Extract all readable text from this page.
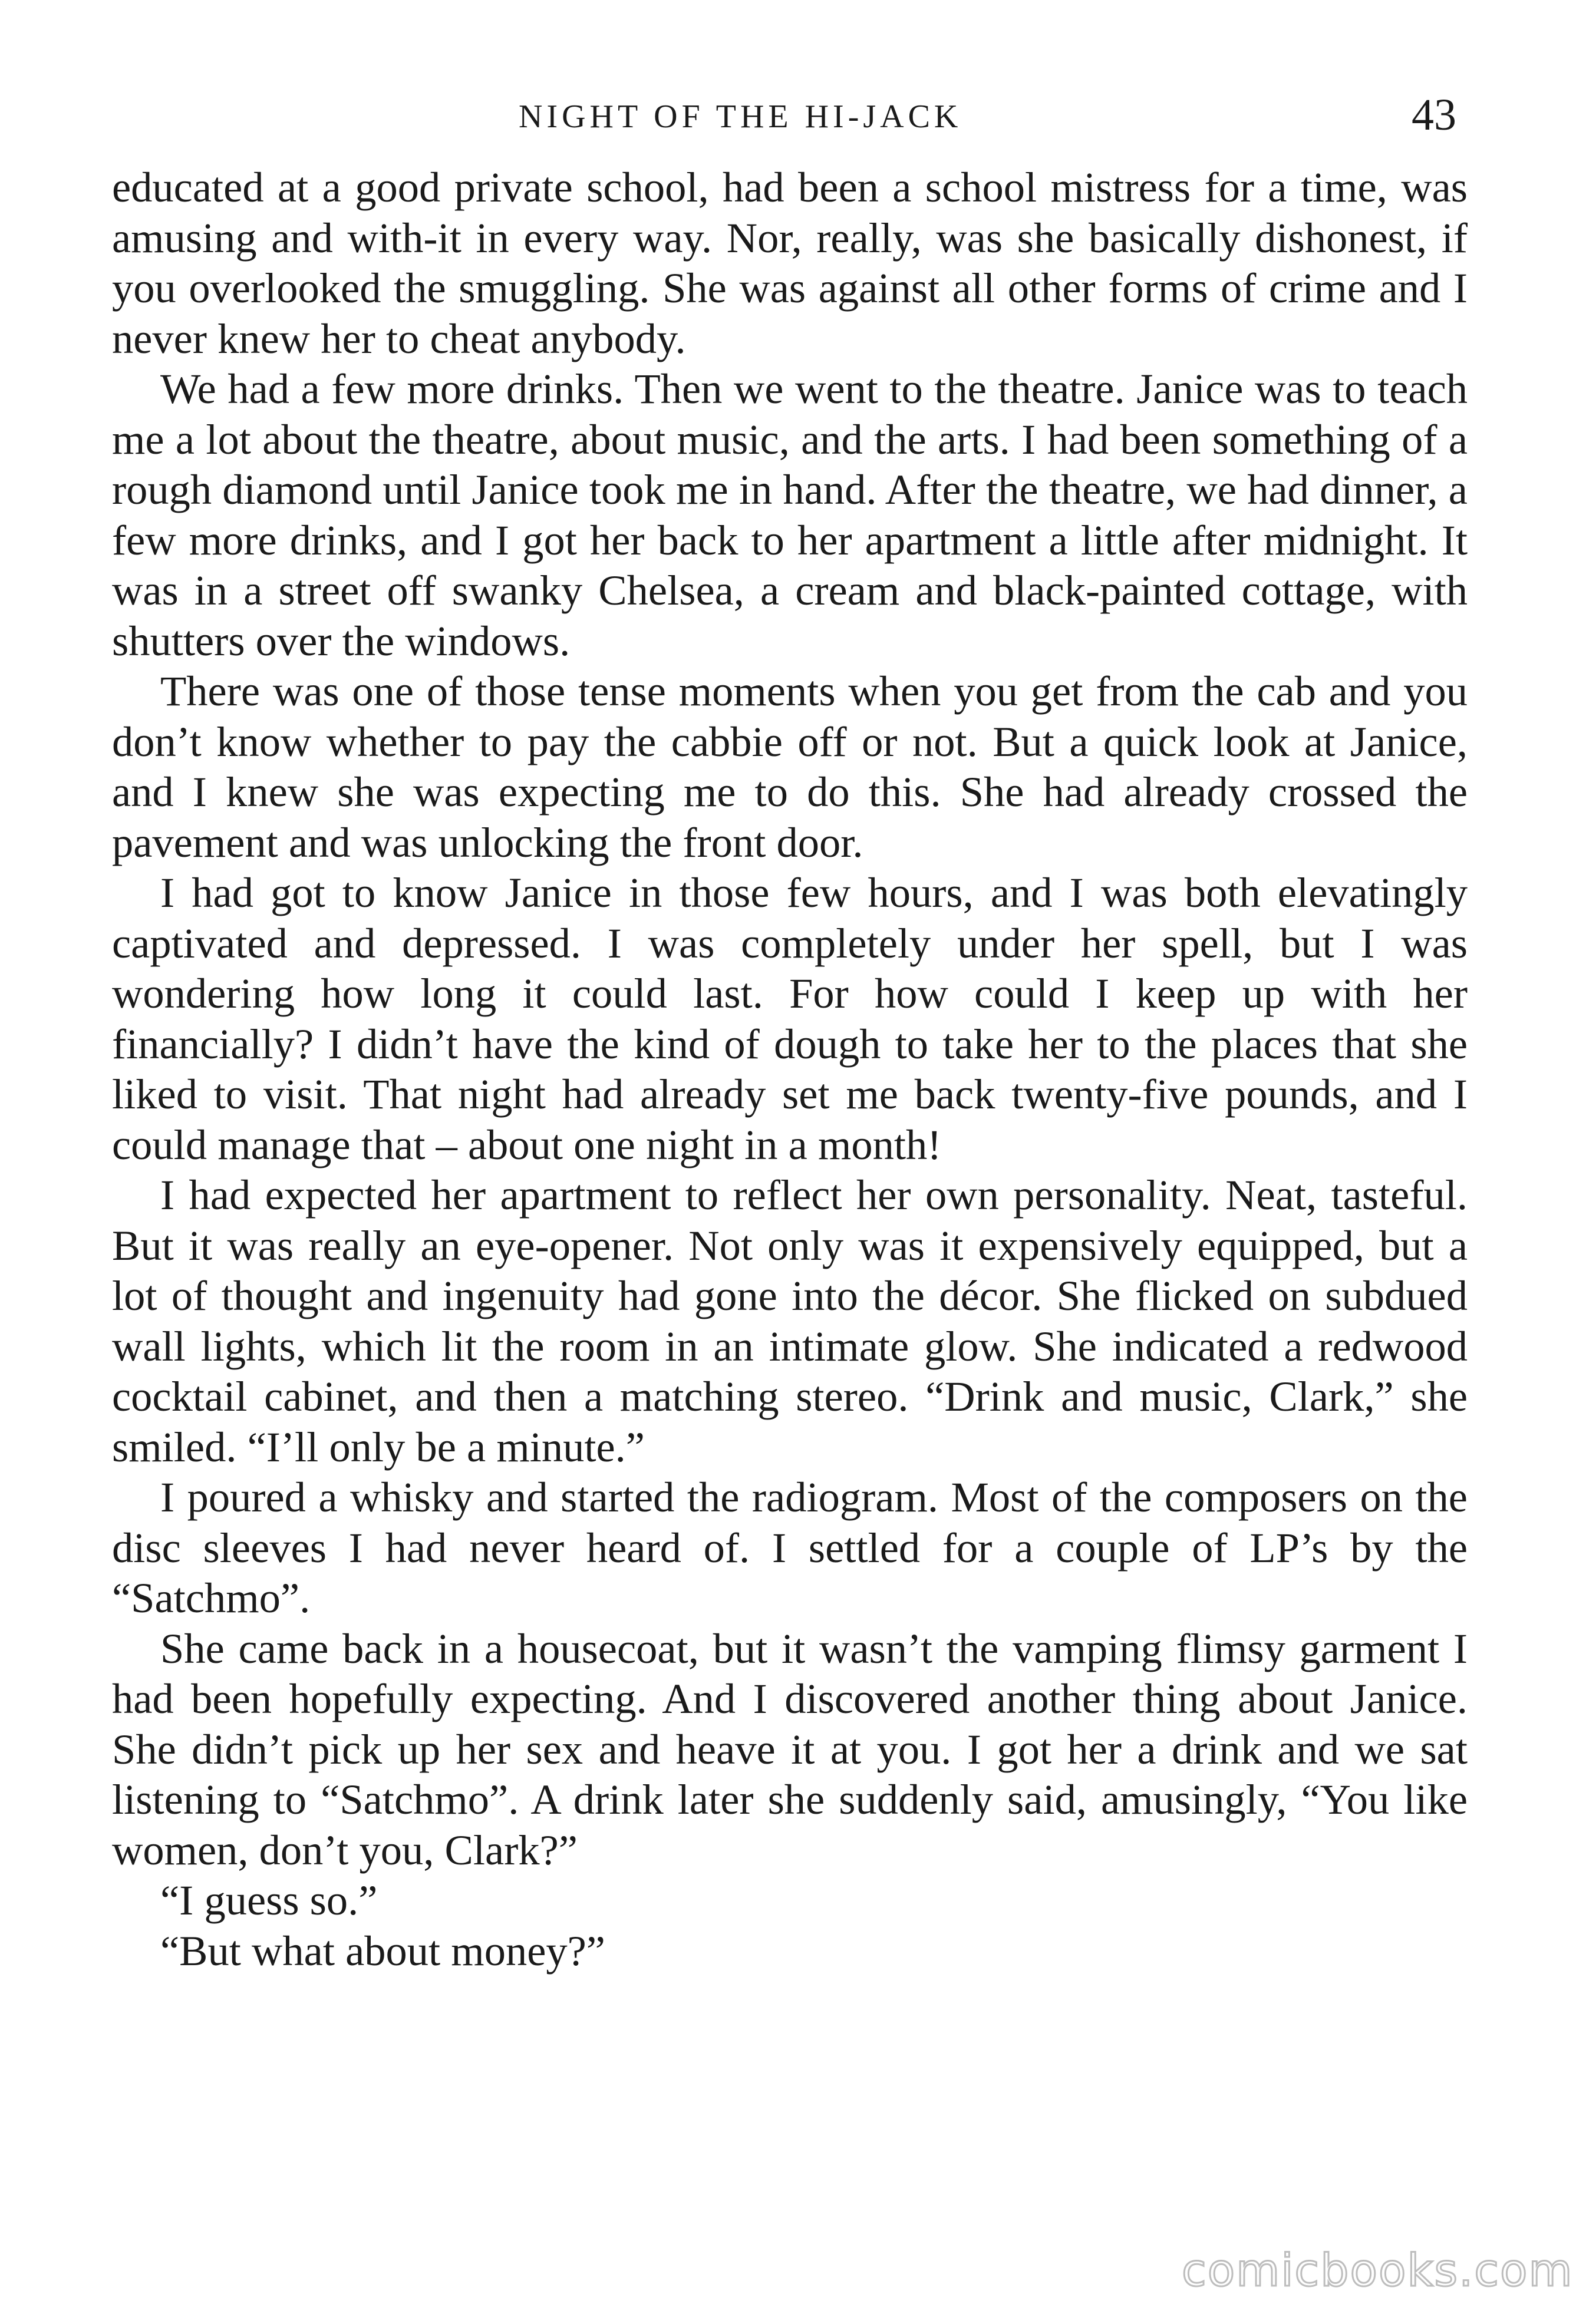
NIGHT OF THE HI-JACK	43

educated at a good private school, had been a school mistress for a time, was amusing and with-it in every way. Nor, really, was she basically dishonest, if you overlooked the smuggling. She was against all other forms of crime and I never knew her to cheat anybody.

We had a few more drinks. Then we went to the theatre. Janice was to teach me a lot about the theatre, about music, and the arts. I had been something of a rough diamond until Janice took me in hand. After the theatre, we had dinner, a few more drinks, and I got her back to her apartment a little after midnight. It was in a street off swanky Chelsea, a cream and black-painted cottage, with shutters over the windows.

There was one of those tense moments when you get from the cab and you don’t know whether to pay the cabbie off or not. But a quick look at Janice, and I knew she was expecting me to do this. She had already crossed the pavement and was unlocking the front door.

I had got to know Janice in those few hours, and I was both elevatingly captivated and depressed. I was completely under her spell, but I was wondering how long it could last. For how could I keep up with her financially? I didn’t have the kind of dough to take her to the places that she liked to visit. That night had already set me back twenty-five pounds, and I could manage that – about one night in a month!

I had expected her apartment to reflect her own personality. Neat, tasteful. But it was really an eye-opener. Not only was it expensively equipped, but a lot of thought and ingenuity had gone into the décor. She flicked on subdued wall lights, which lit the room in an intimate glow. She indicated a redwood cocktail cabinet, and then a matching stereo. “Drink and music, Clark,” she smiled. “I’ll only be a minute.”

I poured a whisky and started the radiogram. Most of the composers on the disc sleeves I had never heard of. I settled for a couple of LP’s by the “Satchmo”.

She came back in a housecoat, but it wasn’t the vamping flimsy garment I had been hopefully expecting. And I discovered another thing about Janice. She didn’t pick up her sex and heave it at you. I got her a drink and we sat listening to “Satchmo”. A drink later she suddenly said, amusingly, “You like women, don’t you, Clark?”

“I guess so.”

“But what about money?”

comicbooks.com
